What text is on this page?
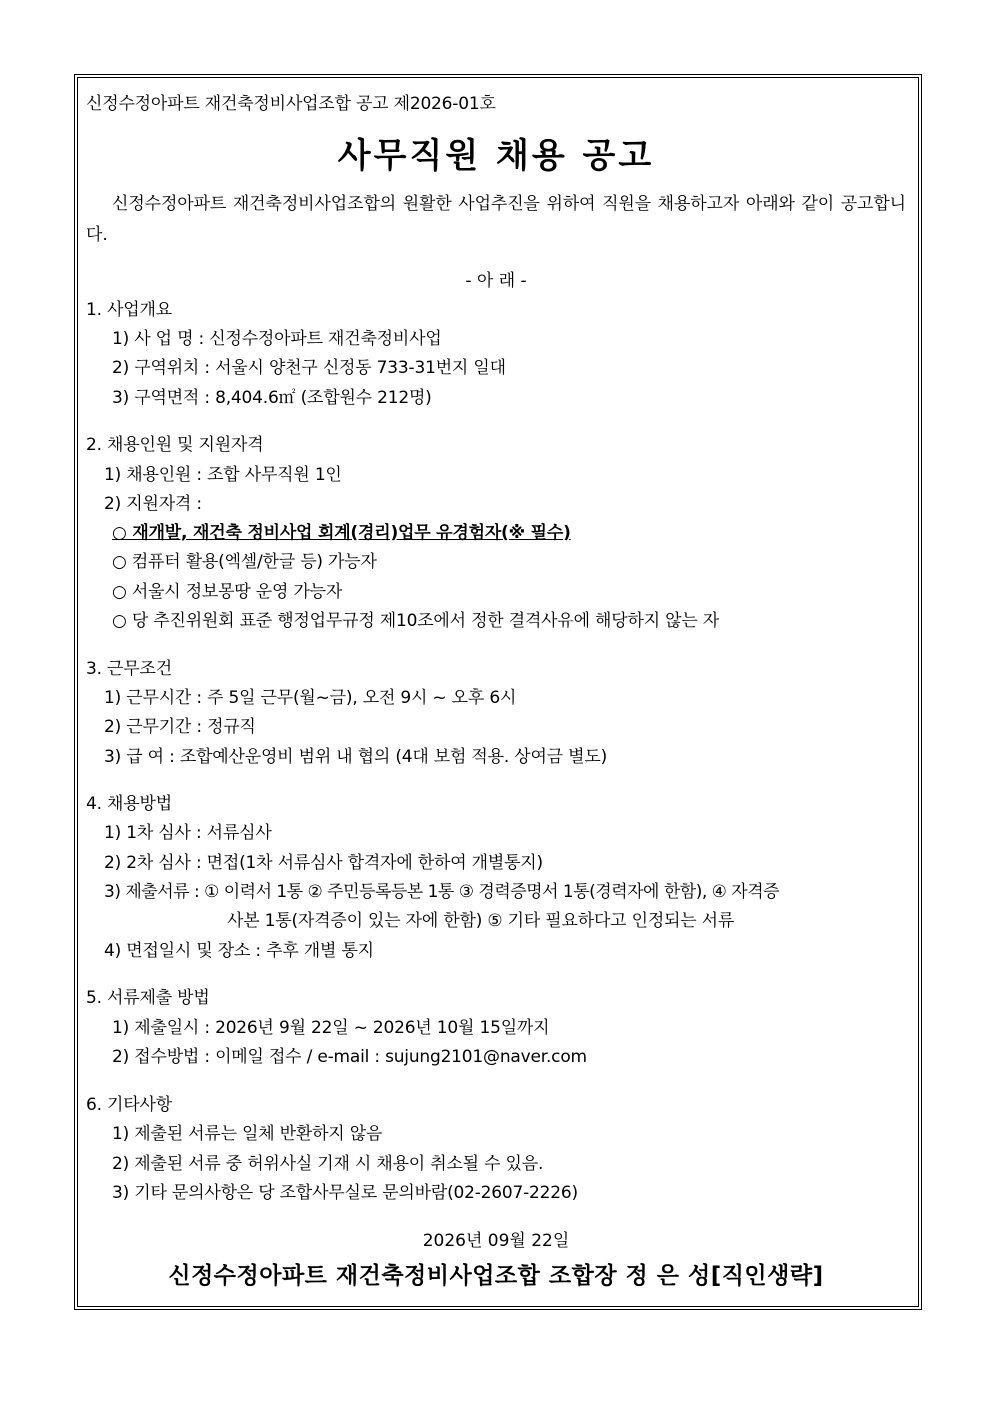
신정수정아파트 재건축정비사업조합 공고 제2026-01호
사무직원 채용 공고
신정수정아파트 재건축정비사업조합의 원활한 사업추진을 위하여 직원을 채용하고자 아래와 같이 공고합니다.
- 아 래 -
1. 사업개요
1) 사 업 명 : 신정수정아파트 재건축정비사업
2) 구역위치 : 서울시 양천구 신정동 733-31번지 일대
3) 구역면적 : 8,404.6㎡ (조합원수 212명)
2. 채용인원 및 지원자격
1) 채용인원 : 조합 사무직원 1인
2) 지원자격 :
○ 재개발, 재건축 정비사업 회계(경리)업무 유경험자(※ 필수)
○ 컴퓨터 활용(엑셀/한글 등) 가능자
○ 서울시 정보몽땅 운영 가능자
○ 당 추진위원회 표준 행정업무규정 제10조에서 정한 결격사유에 해당하지 않는 자
3. 근무조건
1) 근무시간 : 주 5일 근무(월~금), 오전 9시 ~ 오후 6시
2) 근무기간 : 정규직
3) 급 여 : 조합예산운영비 범위 내 협의 (4대 보험 적용. 상여금 별도)
4. 채용방법
1) 1차 심사 : 서류심사
2) 2차 심사 : 면접(1차 서류심사 합격자에 한하여 개별통지)
3) 제출서류 : ① 이력서 1통 ② 주민등록등본 1통 ③ 경력증명서 1통(경력자에 한함), ④ 자격증
사본 1통(자격증이 있는 자에 한함) ⑤ 기타 필요하다고 인정되는 서류
4) 면접일시 및 장소 : 추후 개별 통지
5. 서류제출 방법
1) 제출일시 : 2026년 9월 22일 ~ 2026년 10월 15일까지
2) 접수방법 : 이메일 접수 / e-mail : sujung2101@naver.com
6. 기타사항
1) 제출된 서류는 일체 반환하지 않음
2) 제출된 서류 중 허위사실 기재 시 채용이 취소될 수 있음.
3) 기타 문의사항은 당 조합사무실로 문의바람(02-2607-2226)
2026년 09월 22일
신정수정아파트 재건축정비사업조합 조합장 정 은 성[직인생략]
